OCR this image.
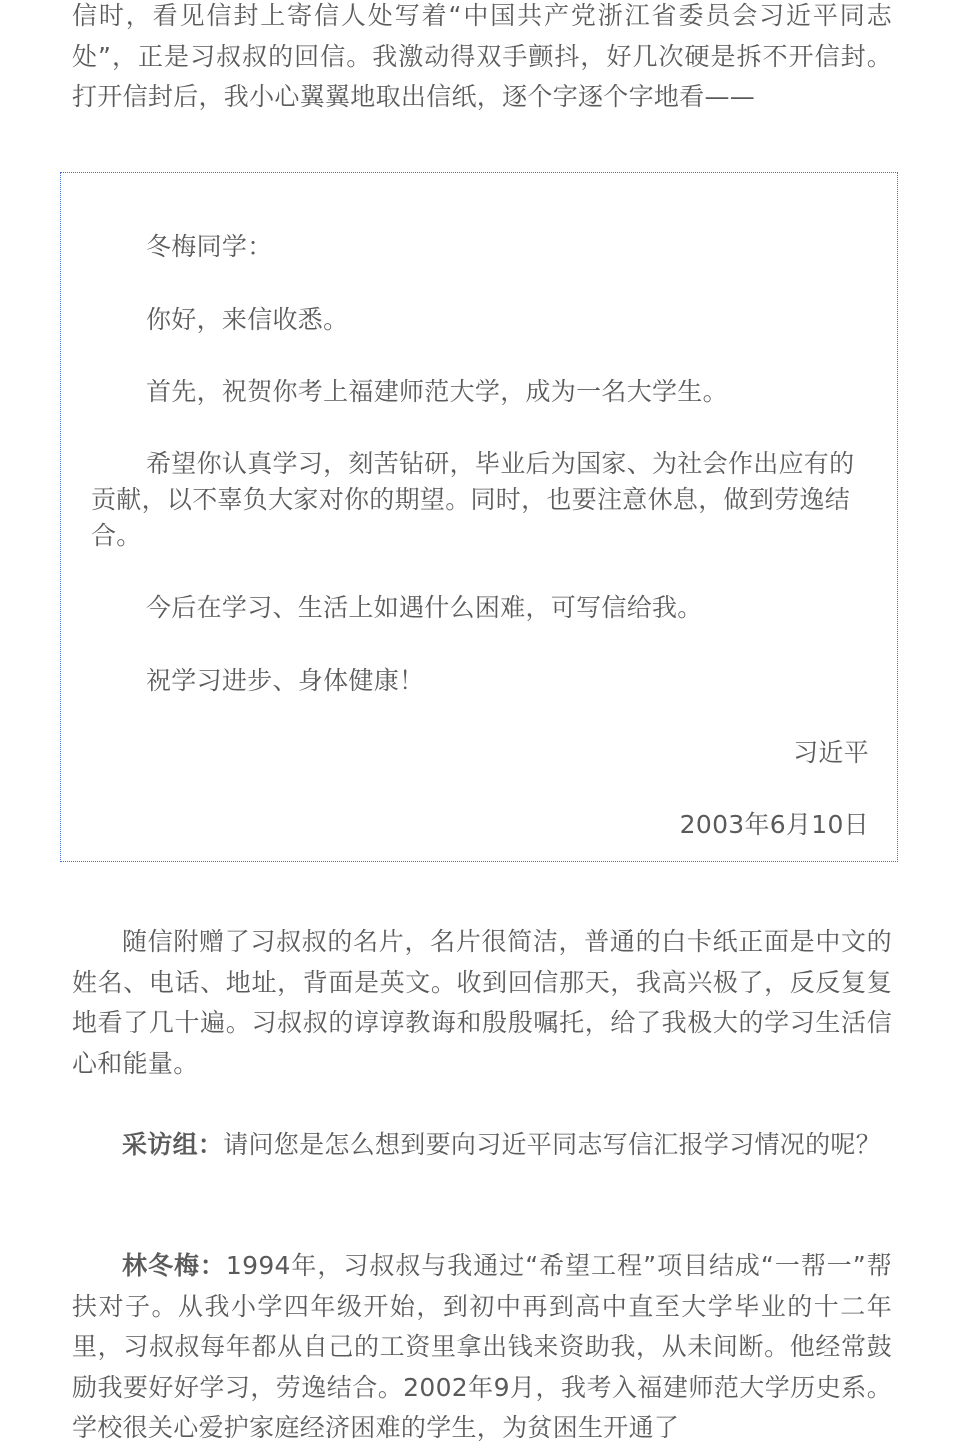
信时，看见信封上寄信人处写着“中国共产党浙江省委员会习近平同志处”，正是习叔叔的回信。我激动得双手颤抖，好几次硬是拆不开信封。打开信封后，我小心翼翼地取出信纸，逐个字逐个字地看——

冬梅同学：

你好，来信收悉。

首先，祝贺你考上福建师范大学，成为一名大学生。

希望你认真学习，刻苦钻研，毕业后为国家、为社会作出应有的贡献，以不辜负大家对你的期望。同时，也要注意休息，做到劳逸结合。

今后在学习、生活上如遇什么困难，可写信给我。

祝学习进步、身体健康！

习近平

2003年6月10日

随信附赠了习叔叔的名片，名片很简洁，普通的白卡纸正面是中文的姓名、电话、地址，背面是英文。收到回信那天，我高兴极了，反反复复地看了几十遍。习叔叔的谆谆教诲和殷殷嘱托，给了我极大的学习生活信心和能量。

采访组：请问您是怎么想到要向习近平同志写信汇报学习情况的呢？

林冬梅：1994年，习叔叔与我通过“希望工程”项目结成“一帮一”帮扶对子。从我小学四年级开始，到初中再到高中直至大学毕业的十二年里，习叔叔每年都从自己的工资里拿出钱来资助我，从未间断。他经常鼓励我要好好学习，劳逸结合。2002年9月，我考入福建师范大学历史系。学校很关心爱护家庭经济困难的学生，为贫困生开通了
